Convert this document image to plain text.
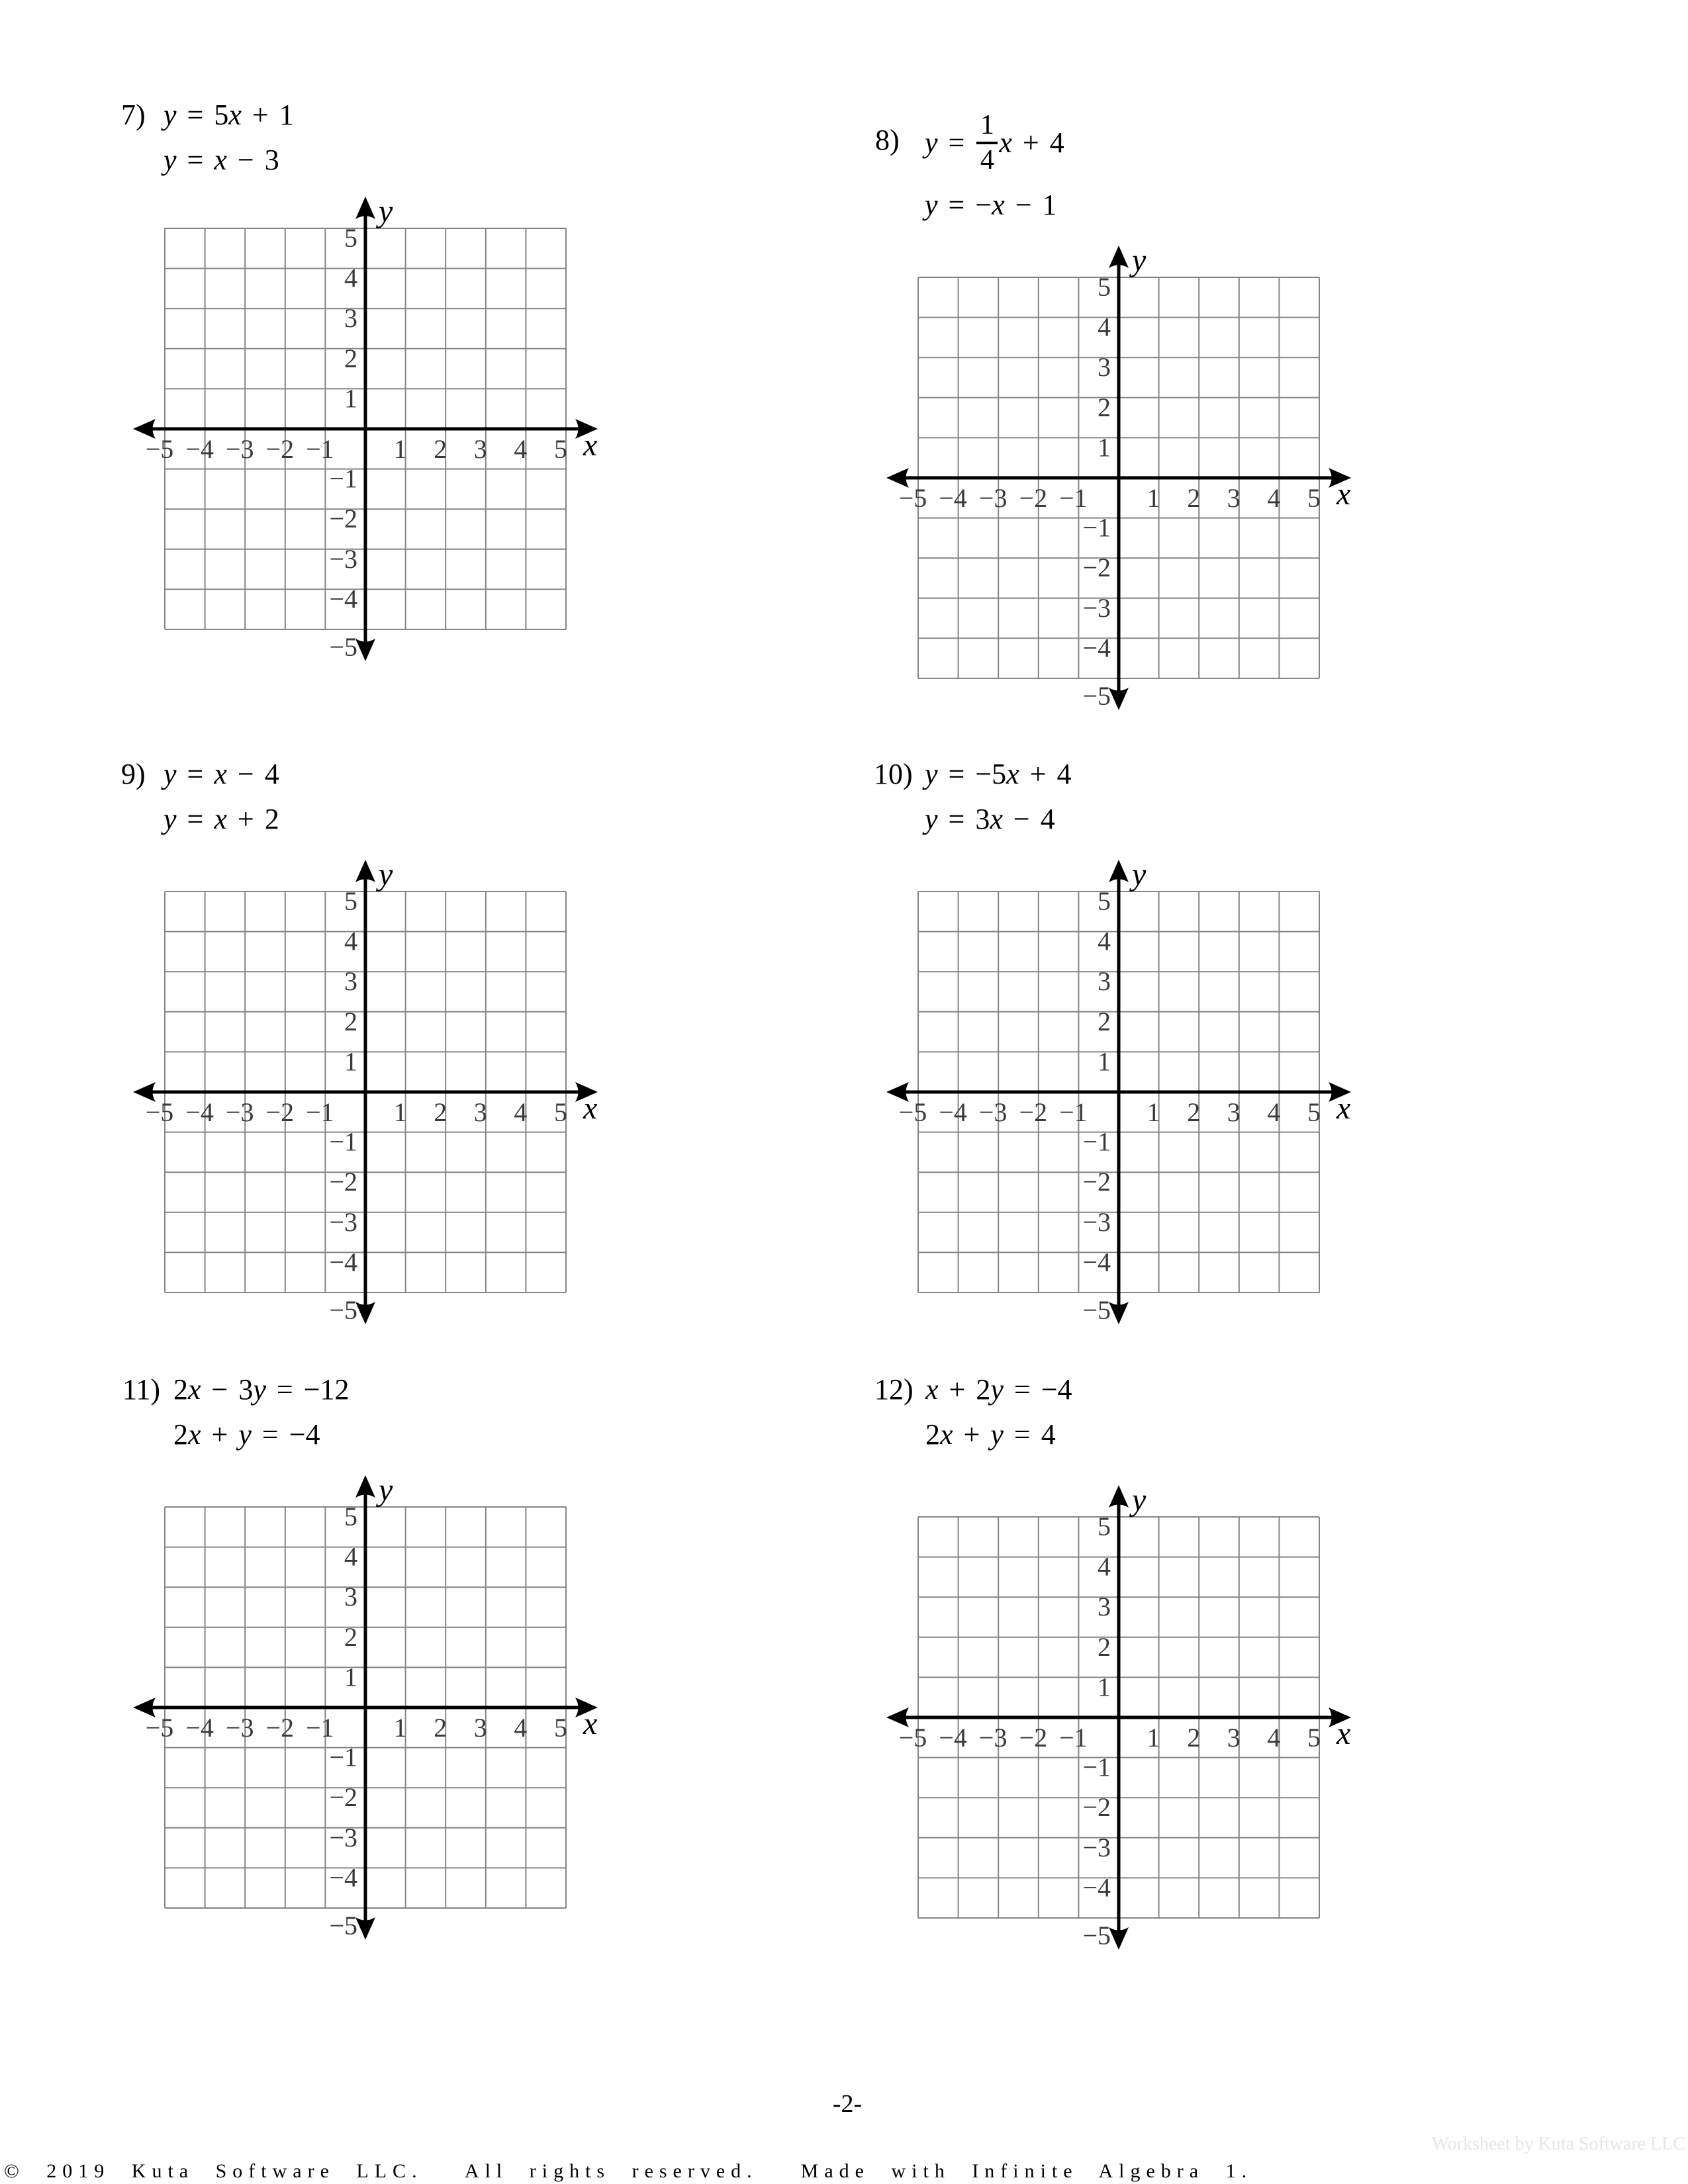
-2-
Worksheet by Kuta Software LLC
© 2019 Kuta Software LLC.  All rights reserved.  Made with Infinite Algebra 1.
7) y = 5x + 1
y = x − 3
−5 −4 −3 −2 −1 1 2 3 4 5
5
4
3
2
1
−1
−2
−3
−4
−5
x
y
8) $y = \frac{1}{4}$ x + 4
y = −x − 1
−5 −4 −3 −2 −1 1 2 3 4 5
5
4
3
2
1
−1
−2
−3
−4
−5
x
y
9) y = x − 4
y = x + 2
−5 −4 −3 −2 −1 1 2 3 4 5
5
4
3
2
1
−1
−2
−3
−4
−5
x
y
10) y = −5x + 4
y = 3x − 4
−5 −4 −3 −2 −1 1 2 3 4 5
5
4
3
2
1
−1
−2
−3
−4
−5
x
y
11) 2x − 3y = −12
2x + y = −4
−5 −4 −3 −2 −1 1 2 3 4 5
5
4
3
2
1
−1
−2
−3
−4
−5
x
y
12) x + 2y = −4
2x + y = 4
−5 −4 −3 −2 −1 1 2 3 4 5
5
4
3
2
1
−1
−2
−3
−4
−5
x
y
